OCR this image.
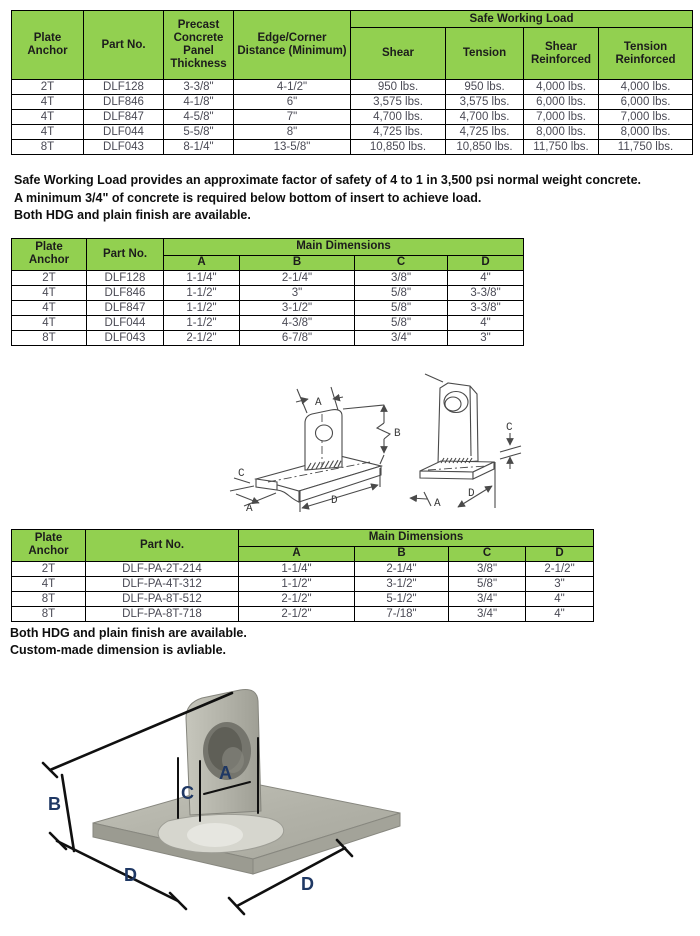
Plate Anchor	Part No.	Precast Concrete Panel Thickness	Edge/Corner Distance (Minimum)	Safe Working Load			
				Shear	Tension	Shear Reinforced	Tension Reinforced
2T	DLF128	3-3/8"	4-1/2"	950 lbs.	950 lbs.	4,000 lbs.	4,000 lbs.
4T	DLF846	4-1/8"	6"	3,575 lbs.	3,575 lbs.	6,000 lbs.	6,000 lbs.
4T	DLF847	4-5/8"	7"	4,700 lbs.	4,700 lbs.	7,000 lbs.	7,000 lbs.
4T	DLF044	5-5/8"	8"	4,725 lbs.	4,725 lbs.	8,000 lbs.	8,000 lbs.
8T	DLF043	8-1/4"	13-5/8"	10,850 lbs.	10,850 lbs.	11,750 lbs.	11,750 lbs.
Safe Working Load provides an approximate factor of safety of 4 to 1 in 3,500 psi normal weight concrete.
A minimum 3/4" of concrete is required below bottom of insert to achieve load.
Both HDG and plain finish are available.
Plate Anchor	Part No.	Main Dimensions			
		A	B	C	D
2T	DLF128	1-1/4"	2-1/4"	3/8"	4"
4T	DLF846	1-1/2"	3"	5/8"	3-3/8"
4T	DLF847	1-1/2"	3-1/2"	5/8"	3-3/8"
4T	DLF044	1-1/2"	4-3/8"	5/8"	4"
8T	DLF043	2-1/2"	6-7/8"	3/4"	3"
A
B
C
A
D
C
A
D
Plate Anchor	Part No.	Main Dimensions			
		A	B	C	D
2T	DLF-PA-2T-214	1-1/4"	2-1/4"	3/8"	2-1/2"
4T	DLF-PA-4T-312	1-1/2"	3-1/2"	5/8"	3"
8T	DLF-PA-8T-512	2-1/2"	5-1/2"	3/4"	4"
8T	DLF-PA-8T-718	2-1/2"	7-/18"	3/4"	4"
Both HDG and plain finish are available.
Custom-made dimension is avliable.
B
D
C
A
D
